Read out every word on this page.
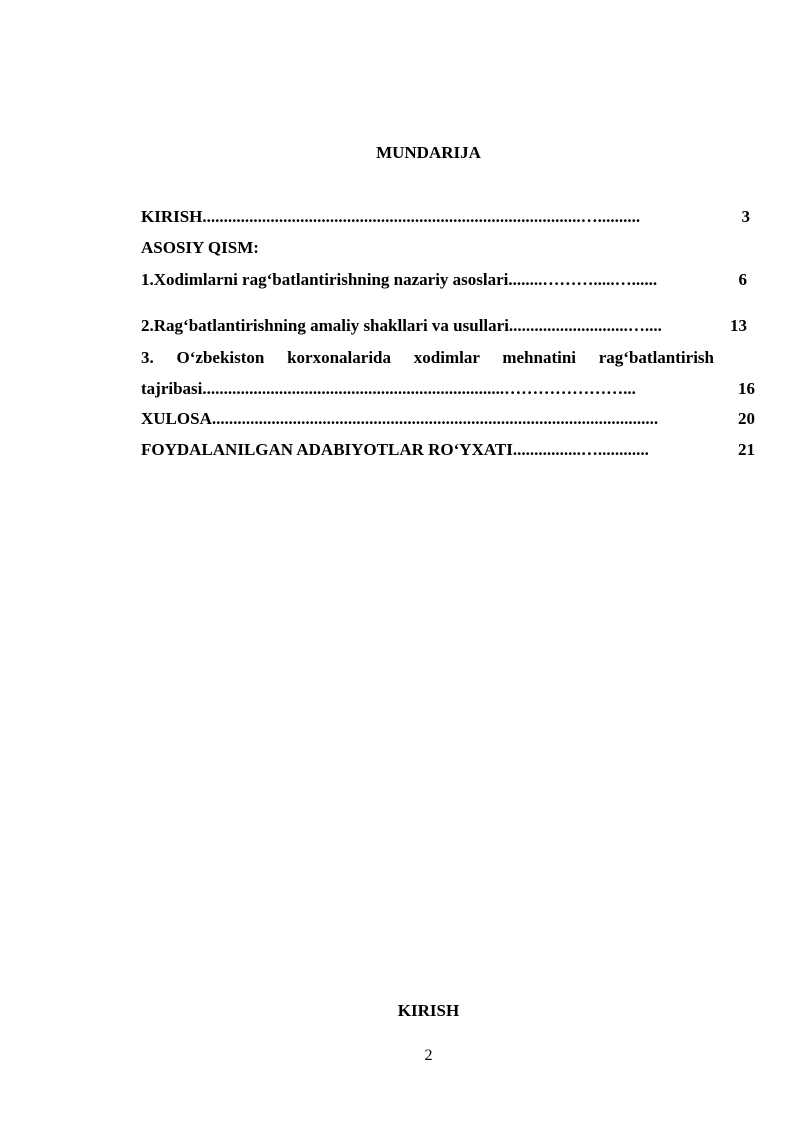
MUNDARIJA
KIRISH.........................................................................................…..........	3
ASOSIY QISM:
1.Xodimlarni rag‘batlantirishning nazariy asoslari........……….....…......	6
2.Rag‘batlantirishning amaliy shakllari va usullari............................…....	13
3. O‘zbekiston korxonalarida xodimlar mehnatini rag‘batlantirish
tajribasi.......................................................................…………………...	16
XULOSA.........................................................................................................	20
FOYDALANILGAN ADABIYOTLAR RO‘YXATI................…............	21
KIRISH
2
